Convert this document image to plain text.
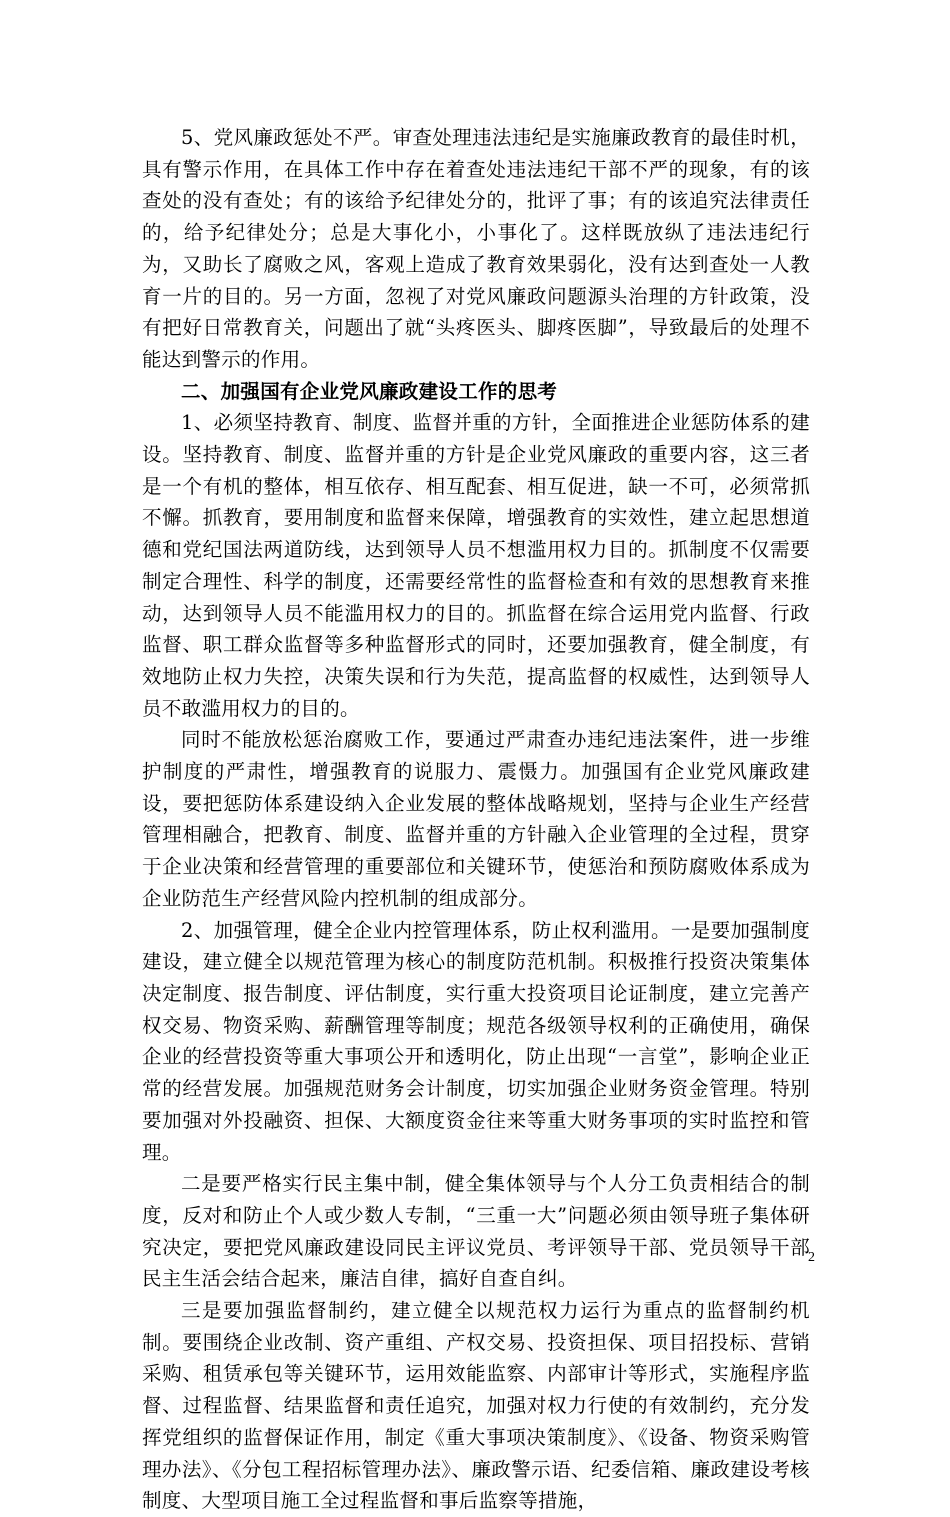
5、党风廉政惩处不严。审查处理违法违纪是实施廉政教育的最佳时机，具有警示作用，在具体工作中存在着查处违法违纪干部不严的现象，有的该查处的没有查处；有的该给予纪律处分的，批评了事；有的该追究法律责任的，给予纪律处分；总是大事化小，小事化了。这样既放纵了违法违纪行为，又助长了腐败之风，客观上造成了教育效果弱化，没有达到查处一人教育一片的目的。另一方面，忽视了对党风廉政问题源头治理的方针政策，没有把好日常教育关，问题出了就“头疼医头、脚疼医脚”，导致最后的处理不能达到警示的作用。

二、加强国有企业党风廉政建设工作的思考

1、必须坚持教育、制度、监督并重的方针，全面推进企业惩防体系的建设。坚持教育、制度、监督并重的方针是企业党风廉政的重要内容，这三者是一个有机的整体，相互依存、相互配套、相互促进，缺一不可，必须常抓不懈。抓教育，要用制度和监督来保障，增强教育的实效性，建立起思想道德和党纪国法两道防线，达到领导人员不想滥用权力目的。抓制度不仅需要制定合理性、科学的制度，还需要经常性的监督检查和有效的思想教育来推动，达到领导人员不能滥用权力的目的。抓监督在综合运用党内监督、行政监督、职工群众监督等多种监督形式的同时，还要加强教育，健全制度，有效地防止权力失控，决策失误和行为失范，提高监督的权威性，达到领导人员不敢滥用权力的目的。

同时不能放松惩治腐败工作，要通过严肃查办违纪违法案件，进一步维护制度的严肃性，增强教育的说服力、震慑力。加强国有企业党风廉政建设，要把惩防体系建设纳入企业发展的整体战略规划，坚持与企业生产经营管理相融合，把教育、制度、监督并重的方针融入企业管理的全过程，贯穿于企业决策和经营管理的重要部位和关键环节，使惩治和预防腐败体系成为企业防范生产经营风险内控机制的组成部分。

2、加强管理，健全企业内控管理体系，防止权利滥用。一是要加强制度建设，建立健全以规范管理为核心的制度防范机制。积极推行投资决策集体决定制度、报告制度、评估制度，实行重大投资项目论证制度，建立完善产权交易、物资采购、薪酬管理等制度；规范各级领导权利的正确使用，确保企业的经营投资等重大事项公开和透明化，防止出现“一言堂”，影响企业正常的经营发展。加强规范财务会计制度，切实加强企业财务资金管理。特别要加强对外投融资、担保、大额度资金往来等重大财务事项的实时监控和管理。

二是要严格实行民主集中制，健全集体领导与个人分工负责相结合的制度，反对和防止个人或少数人专制，“三重一大”问题必须由领导班子集体研究决定，要把党风廉政建设同民主评议党员、考评领导干部、党员领导干部民主生活会结合起来，廉洁自律，搞好自查自纠。

三是要加强监督制约，建立健全以规范权力运行为重点的监督制约机制。要围绕企业改制、资产重组、产权交易、投资担保、项目招投标、营销采购、租赁承包等关键环节，运用效能监察、内部审计等形式，实施程序监督、过程监督、结果监督和责任追究，加强对权力行使的有效制约，充分发挥党组织的监督保证作用，制定《重大事项决策制度》、《设备、物资采购管理办法》、《分包工程招标管理办法》、廉政警示语、纪委信箱、廉政建设考核制度、大型项目施工全过程监督和事后监察等措施，

2
